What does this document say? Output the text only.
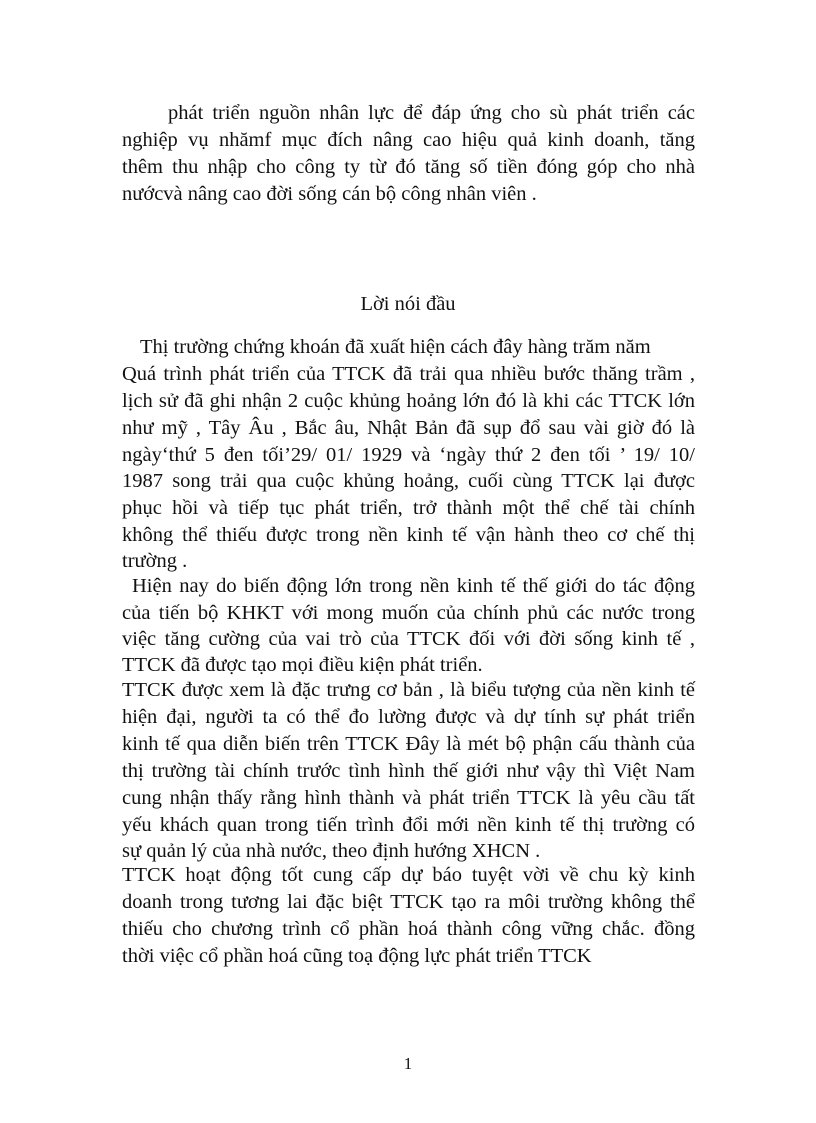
phát triển nguồn nhân lực để đáp ứng cho sù phát triển các
nghiệp vụ nhămf mục đích nâng cao hiệu quả kinh doanh, tăng
thêm thu nhập cho công ty từ đó tăng số tiền đóng góp cho nhà
nướcvà nâng cao đời sống cán bộ công nhân viên .
Lời nói đầu
Thị trường chứng khoán đã xuất hiện cách đây hàng trăm năm
Quá trình phát triển của TTCK đã trải qua nhiều bước thăng trầm ,
lịch sử đã ghi nhận 2 cuộc khủng hoảng lớn đó là khi các TTCK lớn
như mỹ , Tây Âu , Bắc âu, Nhật Bản đã sụp đổ sau vài giờ đó là
ngày‘thứ 5 đen tối’29/ 01/ 1929 và ‘ngày thứ 2 đen tối ’ 19/ 10/
1987 song trải qua cuộc khủng hoảng, cuối cùng TTCK lại được
phục hồi và tiếp tục phát triển, trở thành một thể chế tài chính
không thể thiếu được trong nền kinh tế vận hành theo cơ chế thị
trường .
Hiện nay do biến động lớn trong nền kinh tế thế giới do tác động
của tiến bộ KHKT với mong muốn của chính phủ các nước trong
việc tăng cường của vai trò của TTCK đối với đời sống kinh tế ,
TTCK đã được tạo mọi điều kiện phát triển.
TTCK được xem là đặc trưng cơ bản , là biểu tượng của nền kinh tế
hiện đại, người ta có thể đo lường được và dự tính sự phát triển
kinh tế qua diễn biến trên TTCK Đây là mét bộ phận cấu thành của
thị trường tài chính trước tình hình thế giới như vậy thì Việt Nam
cung nhận thấy rằng hình thành và phát triển TTCK là yêu cầu tất
yếu khách quan trong tiến trình đổi mới nền kinh tế thị trường có
sự quản lý của nhà nước, theo định hướng XHCN .
TTCK hoạt động tốt cung cấp dự báo tuyệt vời về chu kỳ kinh
doanh trong tương lai đặc biệt TTCK tạo ra môi trường không thể
thiếu cho chương trình cổ phần hoá thành công vững chắc. đồng
thời việc cổ phần hoá cũng toạ động lực phát triển TTCK
1
